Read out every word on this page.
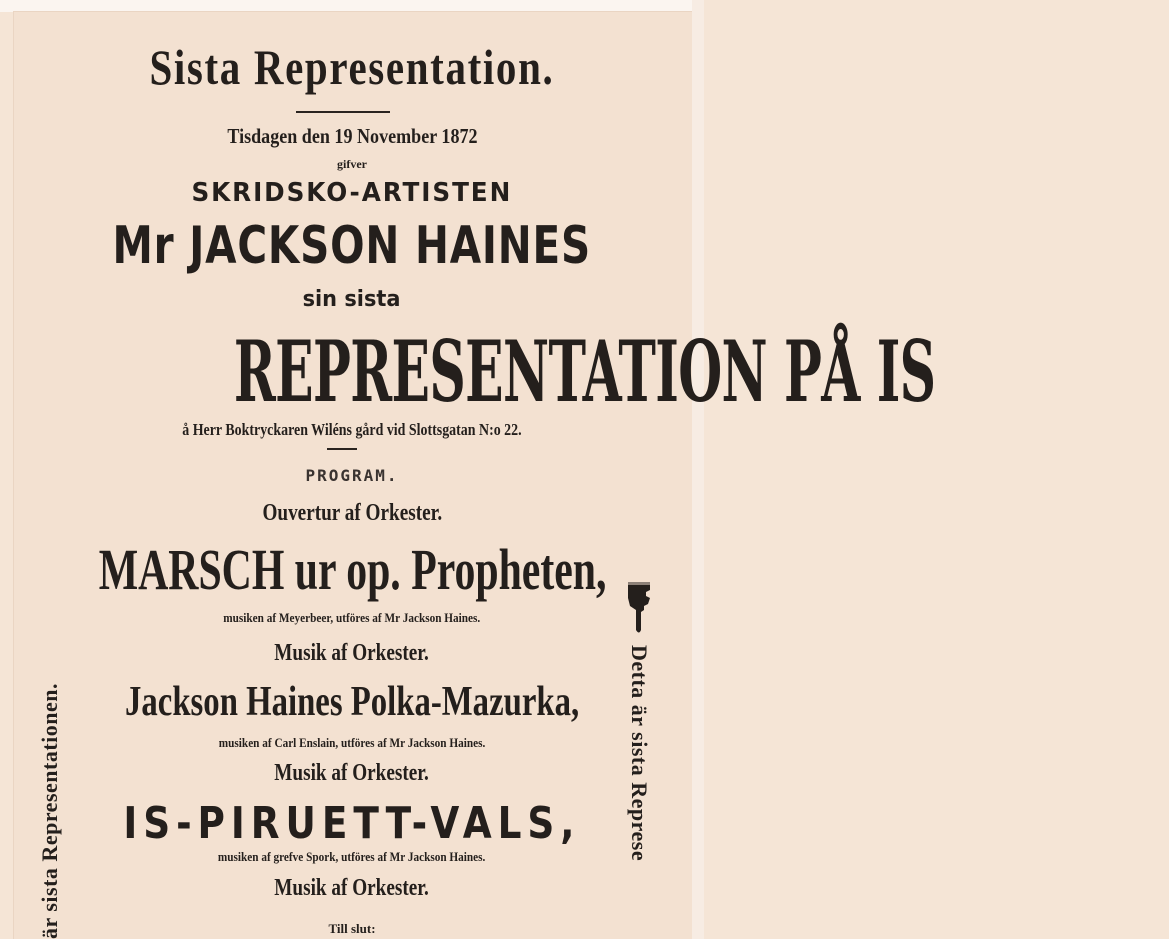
Sista Representation.
Tisdagen den 19 November 1872
gifver
SKRIDSKO-ARTISTEN
Mr JACKSON HAINES
sin sista
REPRESENTATION PÅ IS
å Herr Boktryckaren Wiléns gård vid Slottsgatan N:o 22.
PROGRAM.
Ouvertur af Orkester.
MARSCH ur op. Propheten,
musiken af Meyerbeer, utföres af Mr Jackson Haines.
Musik af Orkester.
Jackson Haines Polka-Mazurka,
musiken af Carl Enslain, utföres af Mr Jackson Haines.
Musik af Orkester.
IS-PIRUETT-VALS,
musiken af grefve Spork, utföres af Mr Jackson Haines.
Musik af Orkester.
Till slut:
är sista Representationen.	Detta är sista Represe
